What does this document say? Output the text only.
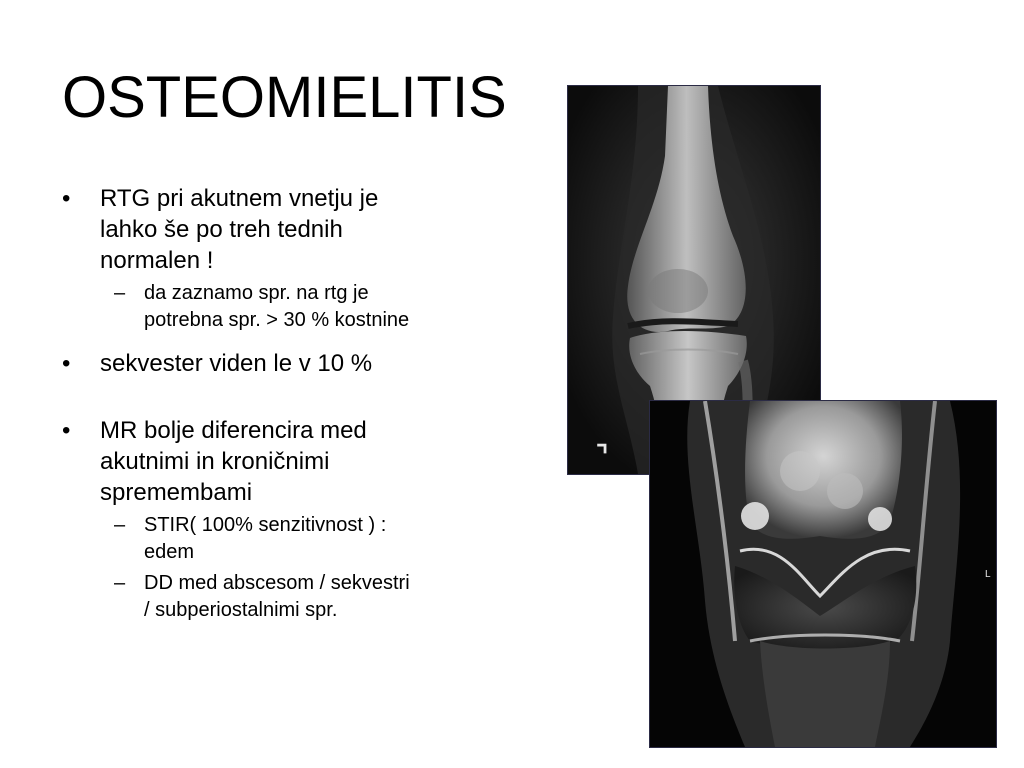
OSTEOMIELITIS
• RTG pri akutnem vnetju je
lahko še po treh tednih
normalen !
– da zaznamo spr. na rtg je
potrebna spr. > 30 % kostnine
• sekvester viden le v 10 %
• MR bolje diferencira med
akutnimi in kroničnimi
spremembami
– STIR( 100% senzitivnost ) :
edem
– DD med abscesom / sekvestri
/ subperiostalnimi spr.
⌝
L
